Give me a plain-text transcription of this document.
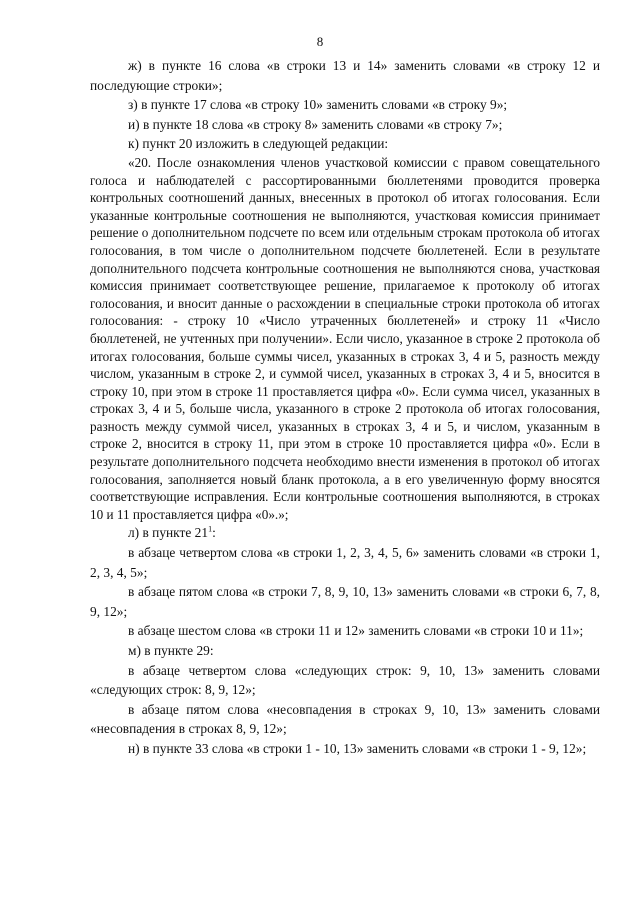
8

ж) в пункте 16 слова «в строки 13 и 14» заменить словами «в строку 12 и последующие строки»;

з) в пункте 17 слова «в строку 10» заменить словами «в строку 9»;

и) в пункте 18 слова «в строку 8» заменить словами «в строку 7»;

к) пункт 20 изложить в следующей редакции:

«20. После ознакомления членов участковой комиссии с правом совещательного голоса и наблюдателей с рассортированными бюллетенями проводится проверка контрольных соотношений данных, внесенных в протокол об итогах голосования. Если указанные контрольные соотношения не выполняются, участковая комиссия принимает решение о дополнительном подсчете по всем или отдельным строкам протокола об итогах голосования, в том числе о дополнительном подсчете бюллетеней. Если в результате дополнительного подсчета контрольные соотношения не выполняются снова, участковая комиссия принимает соответствующее решение, прилагаемое к протоколу об итогах голосования, и вносит данные о расхождении в специальные строки протокола об итогах голосования: - строку 10 «Число утраченных бюллетеней» и строку 11 «Число бюллетеней, не учтенных при получении». Если число, указанное в строке 2 протокола об итогах голосования, больше суммы чисел, указанных в строках 3, 4 и 5, разность между числом, указанным в строке 2, и суммой чисел, указанных в строках 3, 4 и 5, вносится в строку 10, при этом в строке 11 проставляется цифра «0». Если сумма чисел, указанных в строках 3, 4 и 5, больше числа, указанного в строке 2 протокола об итогах голосования, разность между суммой чисел, указанных в строках 3, 4 и 5, и числом, указанным в строке 2, вносится в строку 11, при этом в строке 10 проставляется цифра «0». Если в результате дополнительного подсчета необходимо внести изменения в протокол об итогах голосования, заполняется новый бланк протокола, а в его увеличенную форму вносятся соответствующие исправления. Если контрольные соотношения выполняются, в строках 10 и 11 проставляется цифра «0».»;

л) в пункте $21^1$:

в абзаце четвертом слова «в строки 1, 2, 3, 4, 5, 6» заменить словами «в строки 1, 2, 3, 4, 5»;

в абзаце пятом слова «в строки 7, 8, 9, 10, 13» заменить словами «в строки 6, 7, 8, 9, 12»;

в абзаце шестом слова «в строки 11 и 12» заменить словами «в строки 10 и 11»;

м) в пункте 29:

в абзаце четвертом слова «следующих строк: 9, 10, 13» заменить словами «следующих строк: 8, 9, 12»;

в абзаце пятом слова «несовпадения в строках 9, 10, 13» заменить словами «несовпадения в строках 8, 9, 12»;

н) в пункте 33 слова «в строки 1 - 10, 13» заменить словами «в строки 1 - 9, 12»;
